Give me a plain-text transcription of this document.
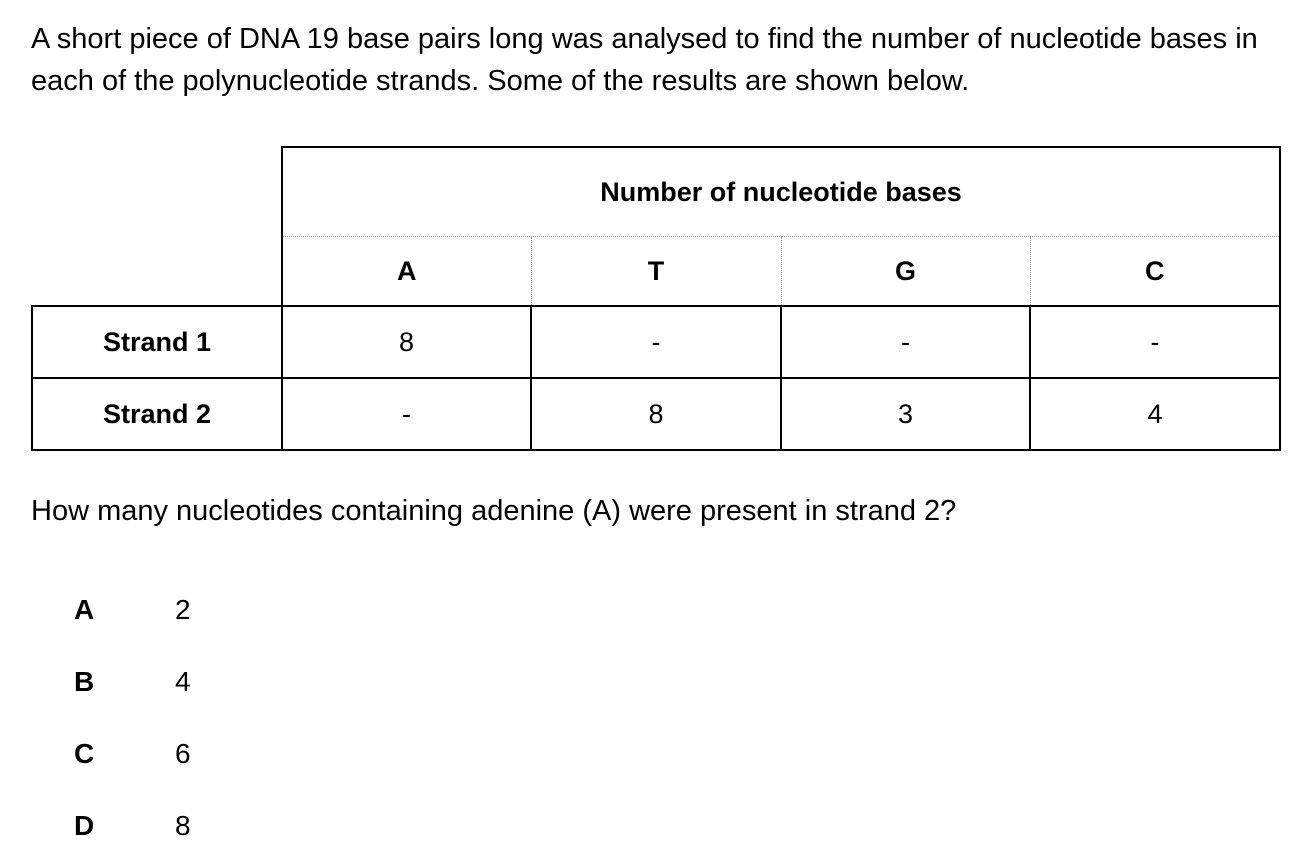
A short piece of DNA 19 base pairs long was analysed to find the number of nucleotide bases in each of the polynucleotide strands. Some of the results are shown below.

	Number of nucleotide bases			
	A	T	G	C
Strand 1	8	-	-	-
Strand 2	-	8	3	4

How many nucleotides containing adenine (A) were present in strand 2?

A	2
B	4
C	6
D	8
